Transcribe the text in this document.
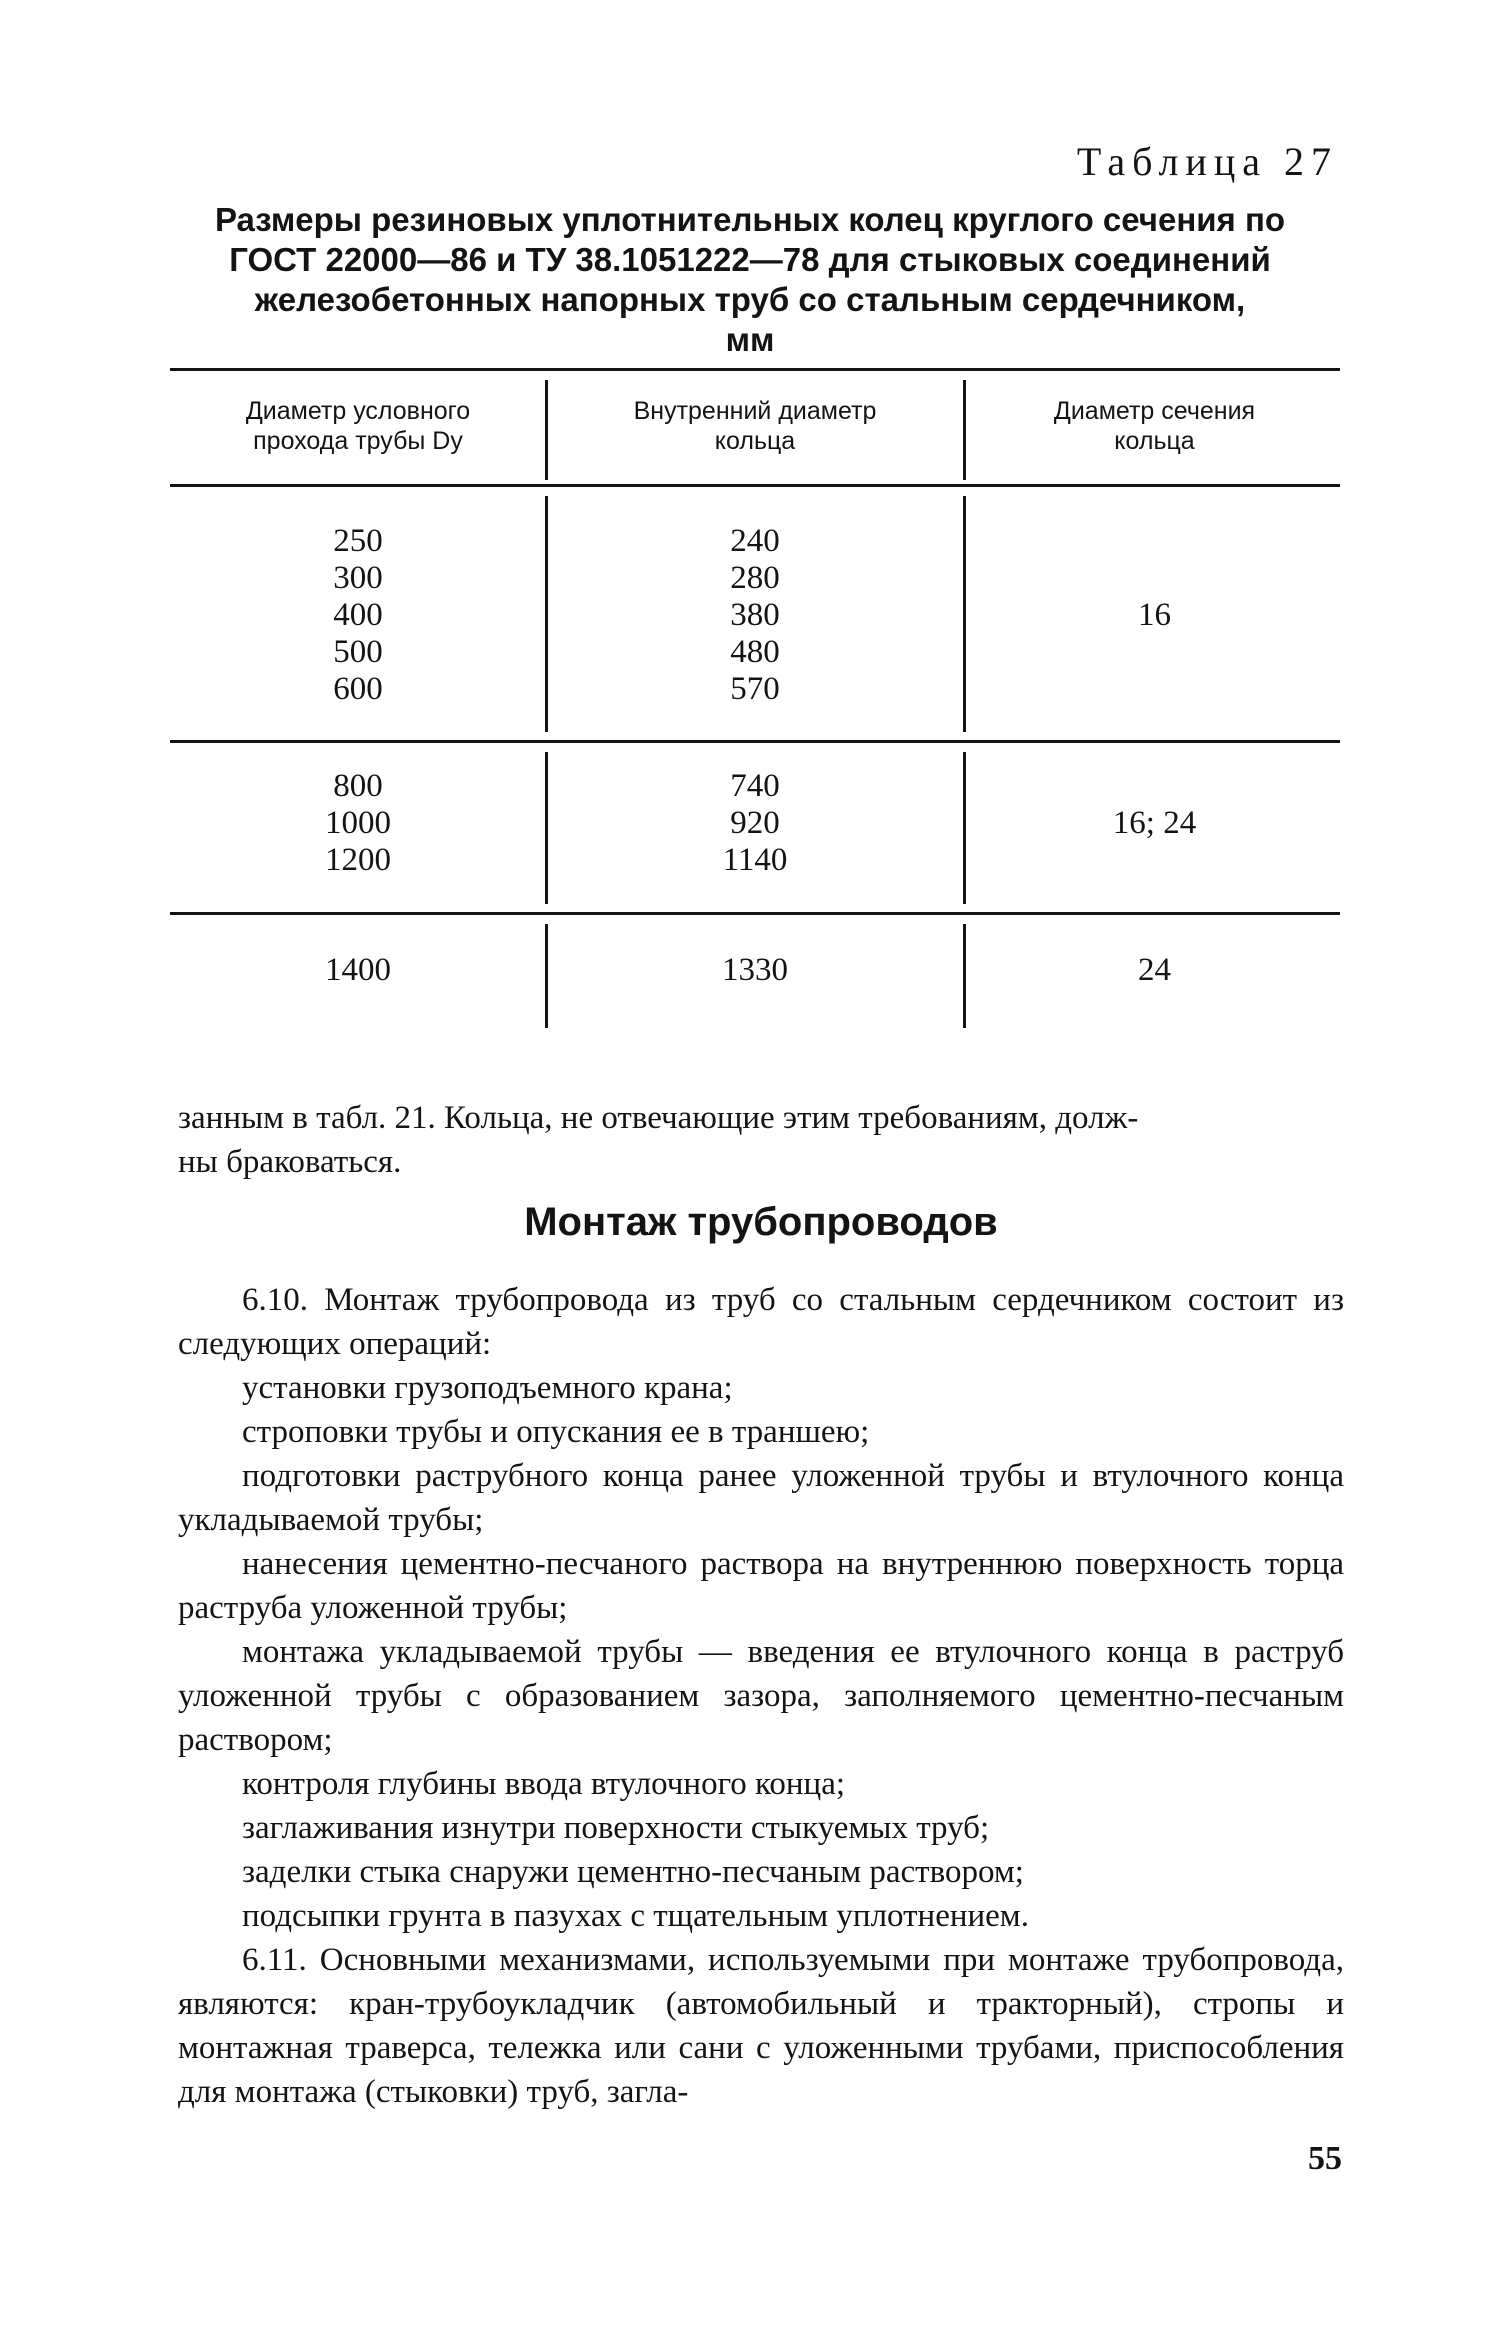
Таблица 27
Размеры резиновых уплотнительных колец круглого сечения по
ГОСТ 22000—86 и ТУ 38.1051222—78 для стыковых соединений
железобетонных напорных труб со стальным сердечником,
мм
Диаметр условного
прохода трубы Dу
Внутренний диаметр
кольца
Диаметр сечения
кольца
250
300
400
500
600
240
280
380
480
570
16
800
1000
1200
740
920
1140
16; 24
1400	1330	24

занным в табл. 21. Кольца, не отвечающие этим требованиям, долж-

ны браковаться.

Монтаж трубопроводов

6.10. Монтаж трубопровода из труб со стальным сердечником состоит из следующих операций:

установки грузоподъемного крана;

строповки трубы и опускания ее в траншею;

подготовки раструбного конца ранее уложенной трубы и втулочного конца укладываемой трубы;

нанесения цементно-песчаного раствора на внутреннюю поверхность торца раструба уложенной трубы;

монтажа укладываемой трубы — введения ее втулочного конца в раструб уложенной трубы с образованием зазора, заполняемого цементно-песчаным раствором;

контроля глубины ввода втулочного конца;

заглаживания изнутри поверхности стыкуемых труб;

заделки стыка снаружи цементно-песчаным раствором;

подсыпки грунта в пазухах с тщательным уплотнением.

6.11. Основными механизмами, используемыми при монтаже трубопровода, являются: кран-трубоукладчик (автомобильный и тракторный), стропы и монтажная траверса, тележка или сани с уложенными трубами, приспособления для монтажа (стыковки) труб, загла-

55
